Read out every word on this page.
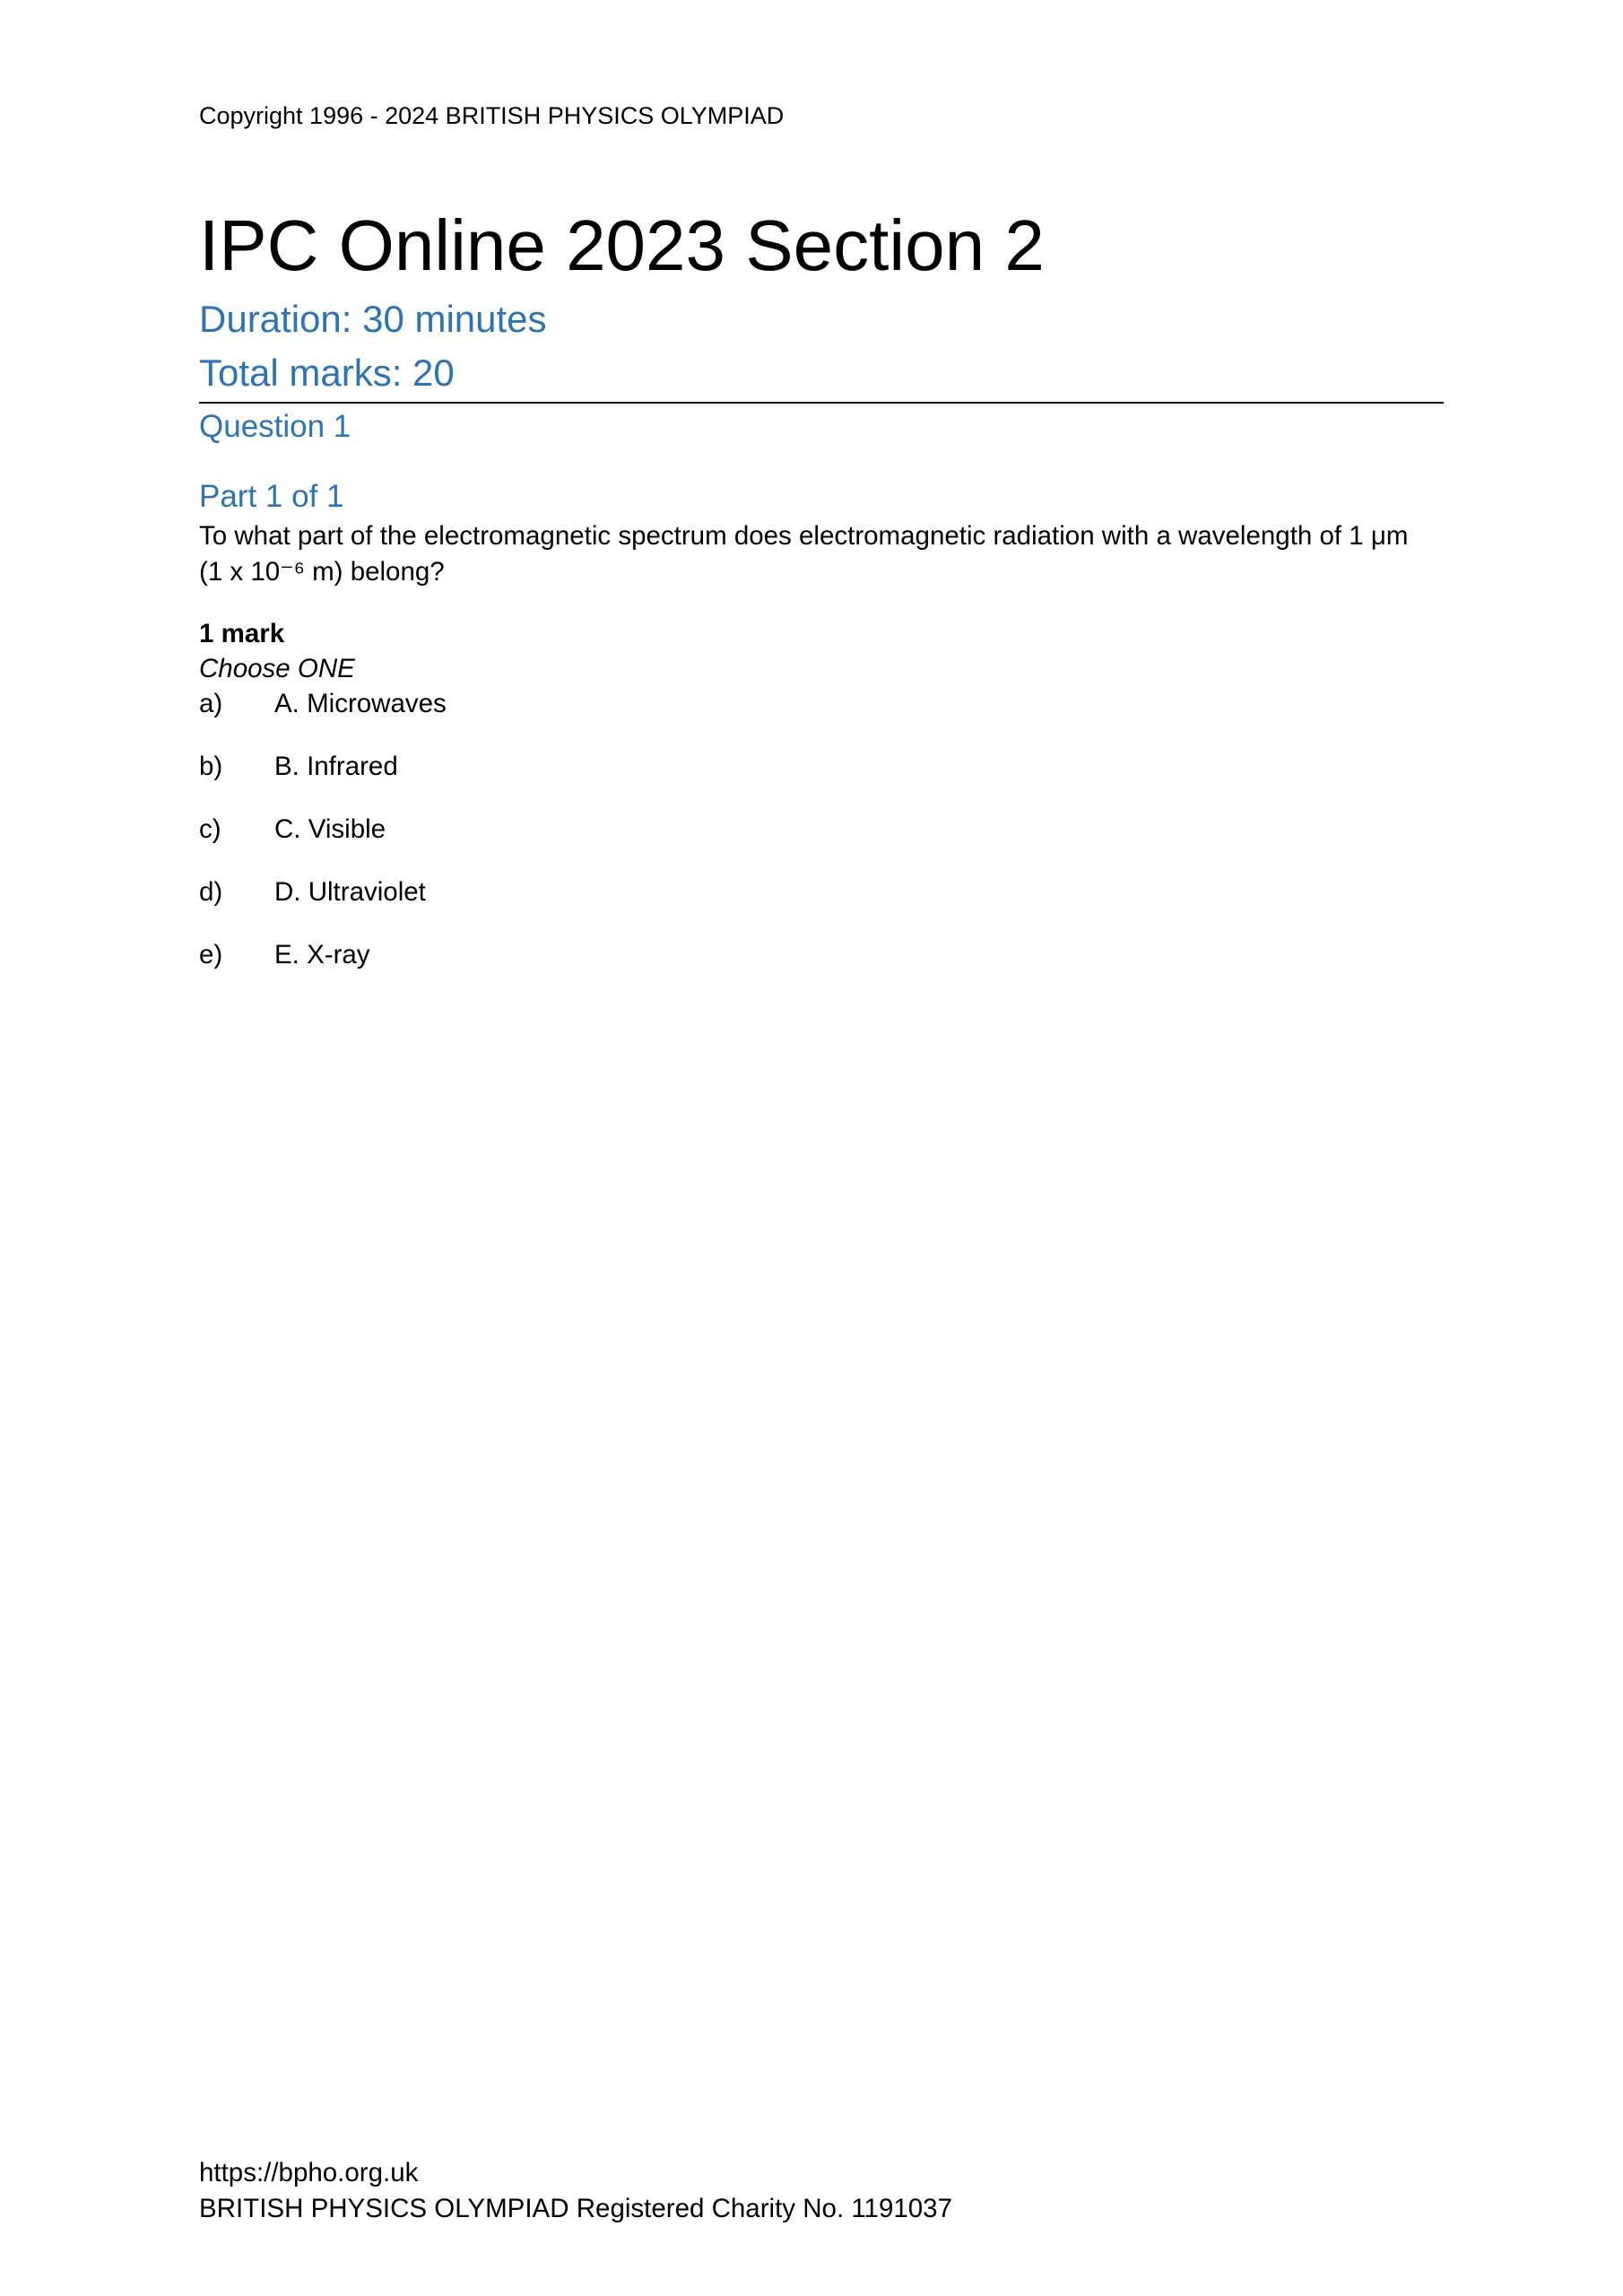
Copyright 1996 - 2024 BRITISH PHYSICS OLYMPIAD
IPC Online 2023 Section 2
Duration: 30 minutes
Total marks: 20
Question 1
Part 1 of 1
To what part of the electromagnetic spectrum does electromagnetic radiation with a wavelength of 1 μm
(1 x 10⁻⁶ m) belong?
1 mark
Choose ONE
a) A. Microwaves
b) B. Infrared
c) C. Visible
d) D. Ultraviolet
e) E. X-ray
https://bpho.org.uk
BRITISH PHYSICS OLYMPIAD Registered Charity No. 1191037
